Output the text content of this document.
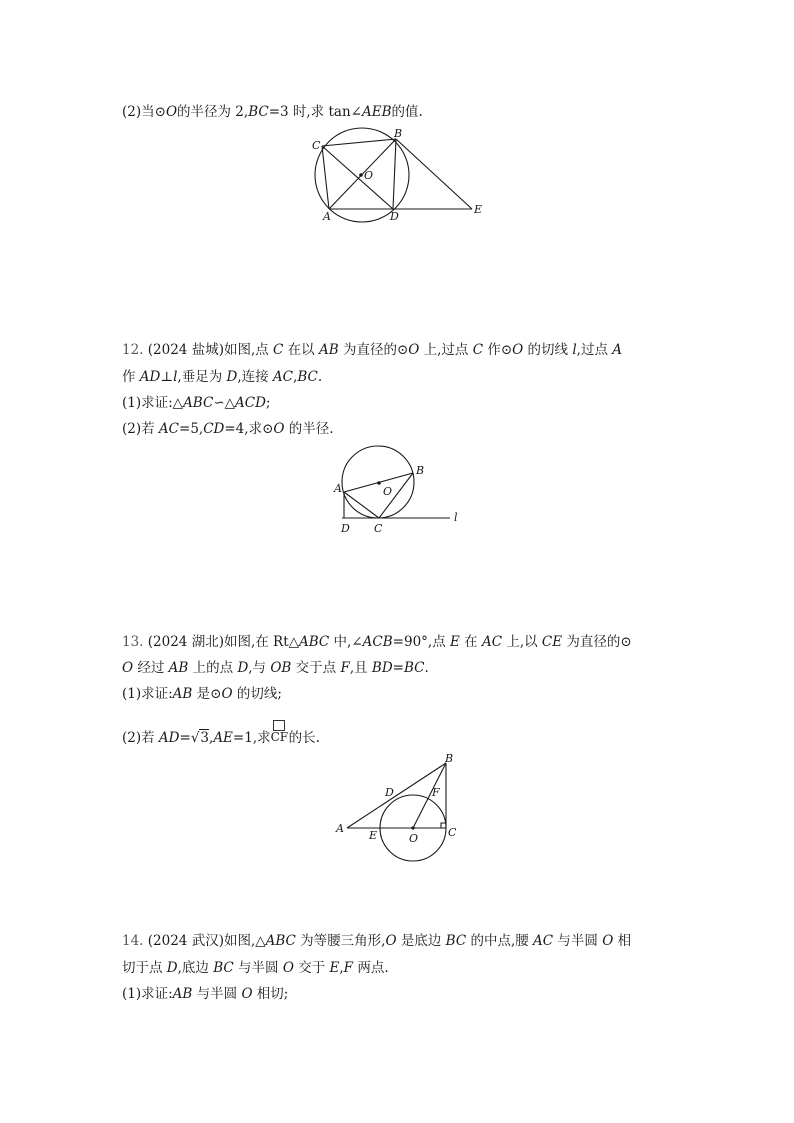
(2)当⊙O的半径为 2,BC=3 时,求 tan∠AEB的值.
C
B
O
A	D
E
12. (2024 盐城)如图,点 C 在以 AB 为直径的⊙O 上,过点 C 作⊙O 的切线 l,过点 A
作 AD⊥l,垂足为 D,连接 AC,BC.
(1)求证:△ABC∽△ACD;
(2)若 AC=5,CD=4,求⊙O 的半径.
A
B
O
D C
l
13. (2024 湖北)如图,在 Rt△ABC 中,∠ACB=90°,点 E 在 AC 上,以 CE 为直径的⊙
O 经过 AB 上的点 D,与 OB 交于点 F,且 BD=BC.
(1)求证:AB 是⊙O 的切线;
(2)若 AD=√3,AE=1,求 CF 的长.
B
D	F
A
E	O	C
14. (2024 武汉)如图,△ABC 为等腰三角形,O 是底边 BC 的中点,腰 AC 与半圆 O 相
切于点 D,底边 BC 与半圆 O 交于 E,F 两点.
(1)求证:AB 与半圆 O 相切;
